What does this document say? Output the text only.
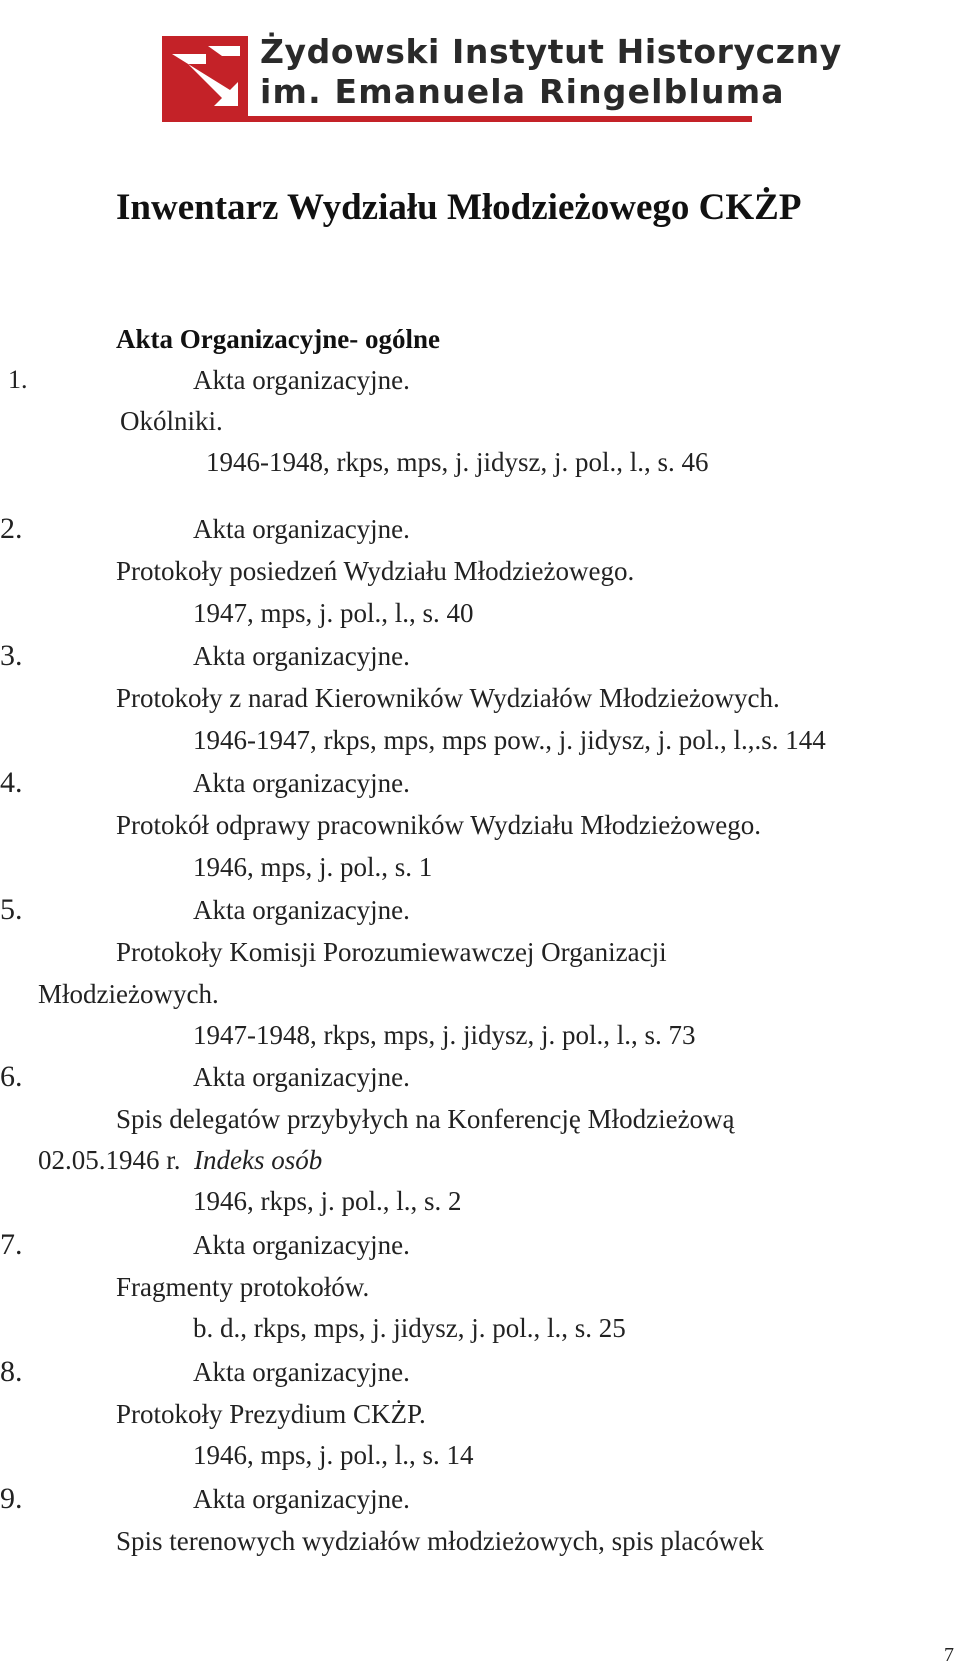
Żydowski Instytut Historyczny
im. Emanuela Ringelbluma
Inwentarz Wydziału Młodzieżowego CKŻP
Akta Organizacyjne- ogólne
1.	Akta organizacyjne.
Okólniki.
1946-1948, rkps, mps, j. jidysz, j. pol., l., s. 46
2.	Akta organizacyjne.
Protokoły posiedzeń Wydziału Młodzieżowego.
1947, mps, j. pol., l., s. 40
3.	Akta organizacyjne.
Protokoły z narad Kierowników Wydziałów Młodzieżowych.
1946-1947, rkps, mps, mps pow., j. jidysz, j. pol., l.,.s. 144
4.	Akta organizacyjne.
Protokół odprawy pracowników Wydziału Młodzieżowego.
1946, mps, j. pol., s. 1
5.	Akta organizacyjne.
Protokoły Komisji Porozumiewawczej Organizacji
Młodzieżowych.
1947-1948, rkps, mps, j. jidysz, j. pol., l., s. 73
6.	Akta organizacyjne.
Spis delegatów przybyłych na Konferencję Młodzieżową
02.05.1946 r. Indeks osób
1946, rkps, j. pol., l., s. 2
7.	Akta organizacyjne.
Fragmenty protokołów.
b. d., rkps, mps, j. jidysz, j. pol., l., s. 25
8.	Akta organizacyjne.
Protokoły Prezydium CKŻP.
1946, mps, j. pol., l., s. 14
9.	Akta organizacyjne.
Spis terenowych wydziałów młodzieżowych, spis placówek
7
